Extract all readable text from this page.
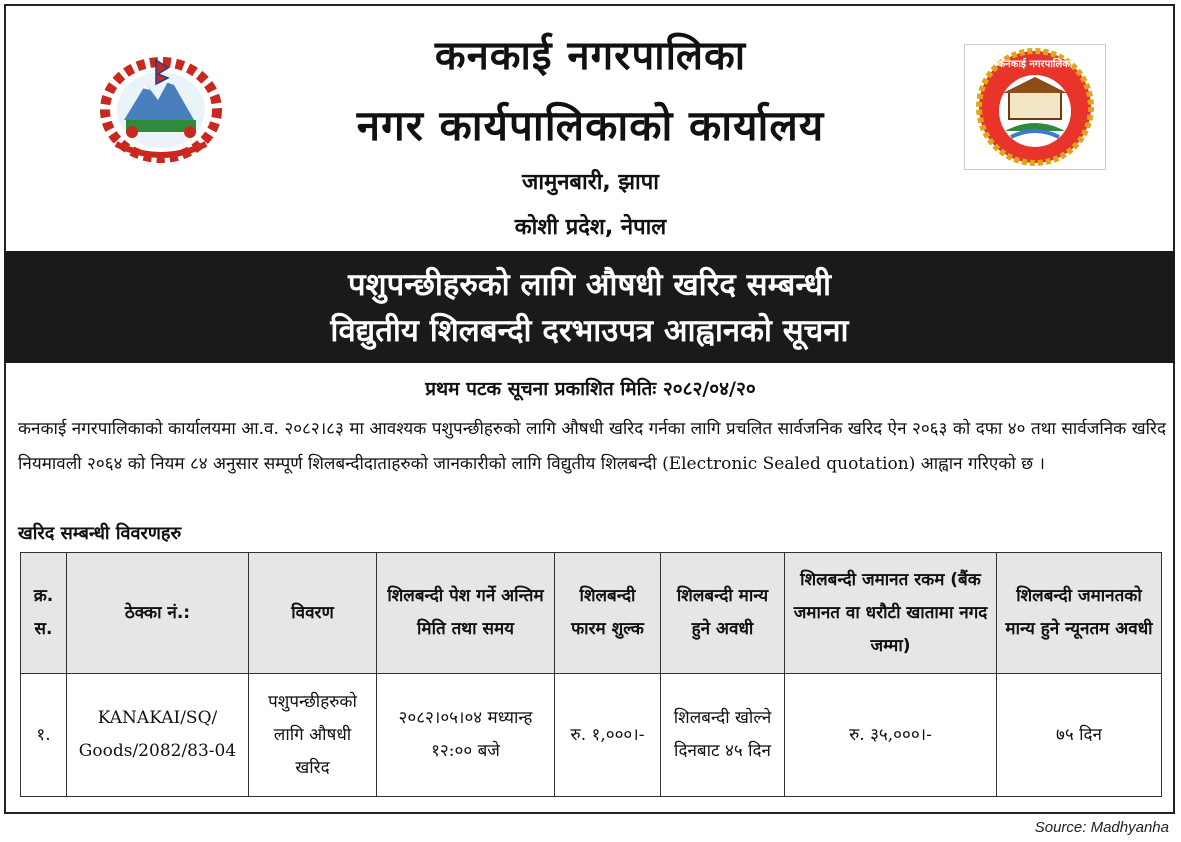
कनकाई नगरपालिका
कनकाई नगरपालिका
नगर कार्यपालिकाको कार्यालय
जामुनबारी, झापा
कोशी प्रदेश, नेपाल
पशुपन्छीहरुको लागि औषधी खरिद सम्बन्धी
विद्युतीय शिलबन्दी दरभाउपत्र आह्वानको सूचना
प्रथम पटक सूचना प्रकाशित मितिः २०८२/०४/२०
कनकाई नगरपालिकाको कार्यालयमा आ.व. २०८२।८३ मा आवश्यक पशुपन्छीहरुको लागि औषधी खरिद गर्नका लागि प्रचलित सार्वजनिक खरिद ऐन २०६३ को दफा ४० तथा सार्वजनिक खरिद नियमावली २०६४ को नियम ८४ अनुसार सम्पूर्ण शिलबन्दीदाताहरुको जानकारीको लागि विद्युतीय शिलबन्दी (Electronic Sealed quotation) आह्वान गरिएको छ ।
खरिद सम्बन्धी विवरणहरु
क्र. स.	ठेक्का नं.:	विवरण	शिलबन्दी पेश गर्ने अन्तिम मिति तथा समय	शिलबन्दी फारम शुल्क	शिलबन्दी मान्य हुने अवधी	शिलबन्दी जमानत रकम (बैंक जमानत वा धरौटी खातामा नगद जम्मा)	शिलबन्दी जमानतको मान्य हुने न्यूनतम अवधी
१.	KANAKAI/SQ/ Goods/2082/83-04	पशुपन्छीहरुको लागि औषधी खरिद	२०८२।०५।०४ मध्यान्ह १२:०० बजे	रु. १,०००।-	शिलबन्दी खोल्ने दिनबाट ४५ दिन	रु. ३५,०००।-	७५ दिन
Source: Madhyanha
